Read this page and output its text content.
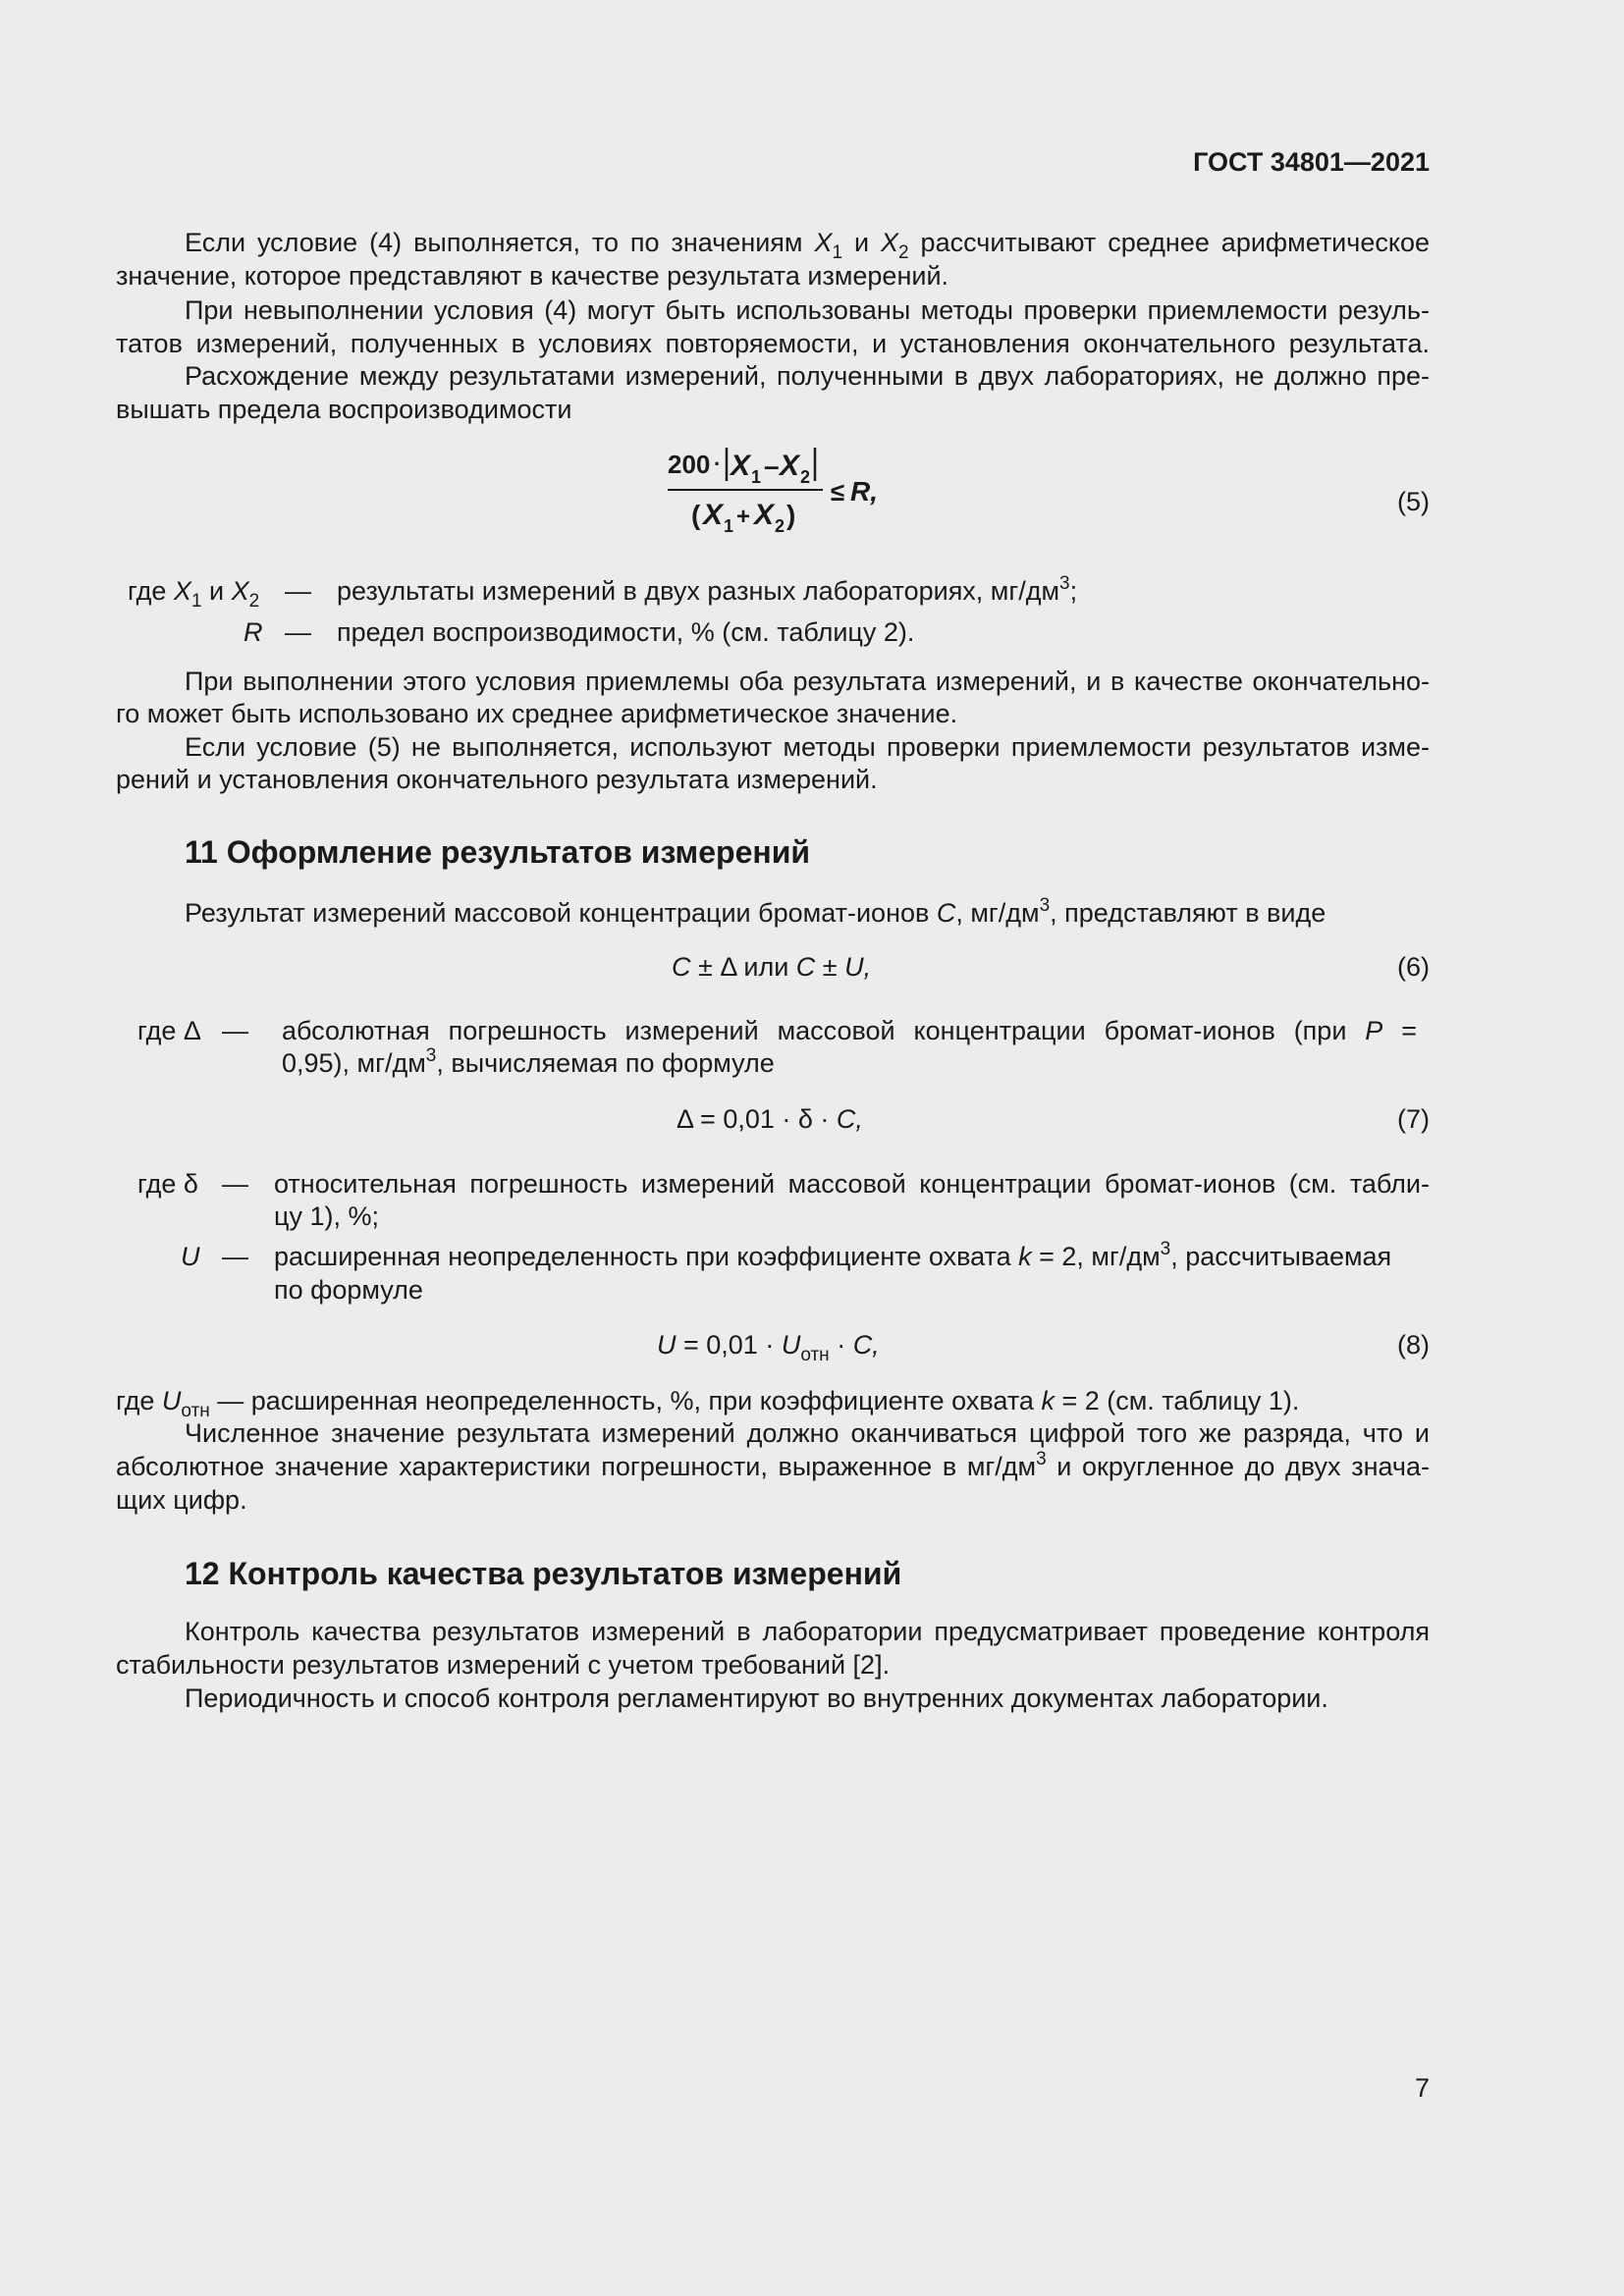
ГОСТ 34801—2021
Если условие (4) выполняется, то по значениям $X_1$ и $X_2$ рассчитывают среднее арифметическое
значение, которое представляют в качестве результата измерений.
При невыполнении условия (4) могут быть использованы методы проверки приемлемости резуль-
татов измерений, полученных в условиях повторяемости, и установления окончательного результата.
Расхождение между результатами измерений, полученными в двух лабораториях, не должно пре-
вышать предела воспроизводимости
200 · X 1 – X 2
( X 1 + X 2 )
≤ R,	(5)
где $X_1$ и $X_2$ — результаты измерений в двух разных лабораториях, $мг/дм^3$;
R — предел воспроизводимости, % (см. таблицу 2).
При выполнении этого условия приемлемы оба результата измерений, и в качестве окончательно-
го может быть использовано их среднее арифметическое значение.
Если условие (5) не выполняется, используют методы проверки приемлемости результатов изме-
рений и установления окончательного результата измерений.
11 Оформление результатов измерений
Результат измерений массовой концентрации бромат-ионов C, $мг/дм^3$, представляют в виде
C ± Δ или C ± U,	(6)
где Δ — абсолютная погрешность измерений массовой концентрации бромат-ионов (при P =
0,95), $мг/дм^3$, вычисляемая по формуле
Δ = 0,01 · δ · C,	(7)
где δ — относительная погрешность измерений массовой концентрации бромат-ионов (см. табли-
цу 1), %;
U — расширенная неопределенность при коэффициенте охвата k = 2, $мг/дм^3$, рассчитываемая
по формуле
$U = 0,01 \cdot U_{отн} \cdot C$,	(8)
где $U_{отн}$ — расширенная неопределенность, %, при коэффициенте охвата k = 2 (см. таблицу 1).
Численное значение результата измерений должно оканчиваться цифрой того же разряда, что и
абсолютное значение характеристики погрешности, выраженное в $мг/дм^3$ и округленное до двух знача-
щих цифр.
12 Контроль качества результатов измерений
Контроль качества результатов измерений в лаборатории предусматривает проведение контроля
стабильности результатов измерений с учетом требований [2].
Периодичность и способ контроля регламентируют во внутренних документах лаборатории.
7
